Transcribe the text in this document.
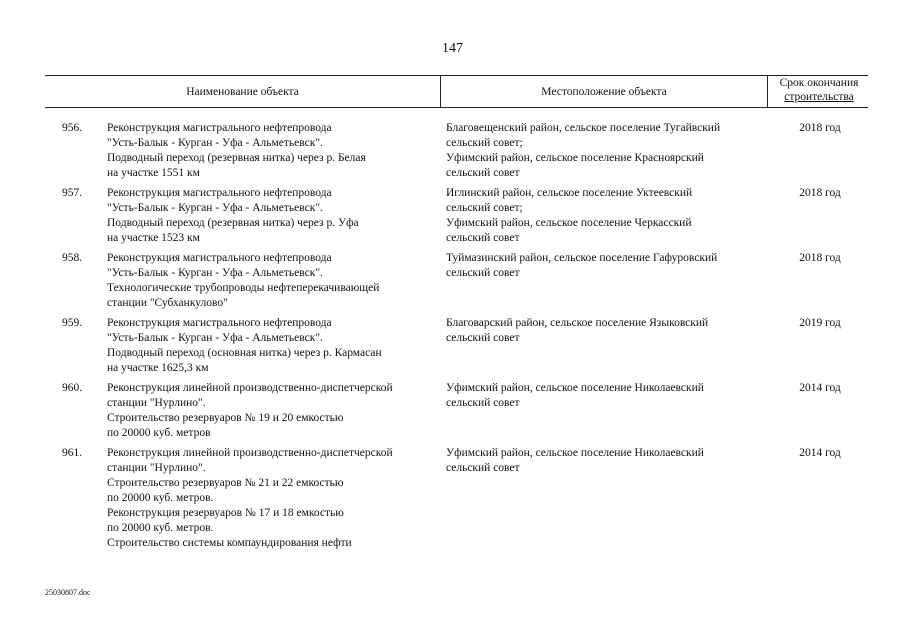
147
Наименование объекта	Местоположение объекта
Срок окончания
строительства
956. Реконструкция магистрального нефтепровода
"Усть-Балык - Курган - Уфа - Альметьевск".
Подводный переход (резервная нитка) через р. Белая
на участке 1551 км
Благовещенский район, сельское поселение Тугайвский
сельский совет;
Уфимский район, сельское поселение Красноярский
сельский совет
2018 год
957. Реконструкция магистрального нефтепровода
"Усть-Балык - Курган - Уфа - Альметьевск".
Подводный переход (резервная нитка) через р. Уфа
на участке 1523 км
Иглинский район, сельское поселение Уктеевский
сельский совет;
Уфимский район, сельское поселение Черкасский
сельский совет
2018 год
958. Реконструкция магистрального нефтепровода
"Усть-Балык - Курган - Уфа - Альметьевск".
Технологические трубопроводы нефтеперекачивающей
станции "Субханкулово"
Туймазинский район, сельское поселение Гафуровский
сельский совет
2018 год
959. Реконструкция магистрального нефтепровода
"Усть-Балык - Курган - Уфа - Альметьевск".
Подводный переход (основная нитка) через р. Кармасан
на участке 1625,3 км
Благоварский район, сельское поселение Языковский
сельский совет
2019 год
960. Реконструкция линейной производственно-диспетчерской
станции "Нурлино".
Строительство резервуаров № 19 и 20 емкостью
по 20000 куб. метров
Уфимский район, сельское поселение Николаевский
сельский совет
2014 год
961. Реконструкция линейной производственно-диспетчерской
станции "Нурлино".
Строительство резервуаров № 21 и 22 емкостью
по 20000 куб. метров.
Реконструкция резервуаров № 17 и 18 емкостью
по 20000 куб. метров.
Строительство системы компаундирования нефти
Уфимский район, сельское поселение Николаевский
сельский совет
2014 год
25030807.doc
